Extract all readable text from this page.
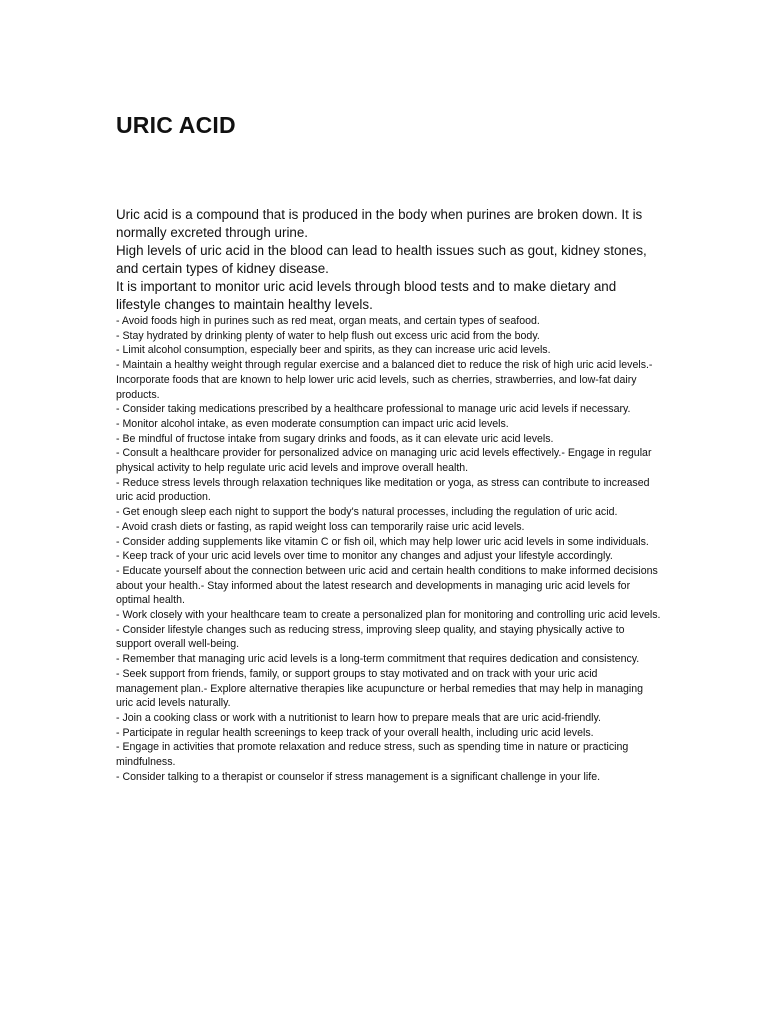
URIC ACID

Uric acid is a compound that is produced in the body when purines are broken down. It is normally excreted through urine.

High levels of uric acid in the blood can lead to health issues such as gout, kidney stones, and certain types of kidney disease.

It is important to monitor uric acid levels through blood tests and to make dietary and lifestyle changes to maintain healthy levels.

- Avoid foods high in purines such as red meat, organ meats, and certain types of seafood.

- Stay hydrated by drinking plenty of water to help flush out excess uric acid from the body.

- Limit alcohol consumption, especially beer and spirits, as they can increase uric acid levels.

- Maintain a healthy weight through regular exercise and a balanced diet to reduce the risk of high uric acid levels.- Incorporate foods that are known to help lower uric acid levels, such as cherries, strawberries, and low-fat dairy products.

- Consider taking medications prescribed by a healthcare professional to manage uric acid levels if necessary.

- Monitor alcohol intake, as even moderate consumption can impact uric acid levels.

- Be mindful of fructose intake from sugary drinks and foods, as it can elevate uric acid levels.

- Consult a healthcare provider for personalized advice on managing uric acid levels effectively.- Engage in regular physical activity to help regulate uric acid levels and improve overall health.

- Reduce stress levels through relaxation techniques like meditation or yoga, as stress can contribute to increased uric acid production.

- Get enough sleep each night to support the body's natural processes, including the regulation of uric acid.

- Avoid crash diets or fasting, as rapid weight loss can temporarily raise uric acid levels.

- Consider adding supplements like vitamin C or fish oil, which may help lower uric acid levels in some individuals.

- Keep track of your uric acid levels over time to monitor any changes and adjust your lifestyle accordingly.

- Educate yourself about the connection between uric acid and certain health conditions to make informed decisions about your health.- Stay informed about the latest research and developments in managing uric acid levels for optimal health.

- Work closely with your healthcare team to create a personalized plan for monitoring and controlling uric acid levels.

- Consider lifestyle changes such as reducing stress, improving sleep quality, and staying physically active to support overall well-being.

- Remember that managing uric acid levels is a long-term commitment that requires dedication and consistency.

- Seek support from friends, family, or support groups to stay motivated and on track with your uric acid management plan.- Explore alternative therapies like acupuncture or herbal remedies that may help in managing uric acid levels naturally.

- Join a cooking class or work with a nutritionist to learn how to prepare meals that are uric acid-friendly.

- Participate in regular health screenings to keep track of your overall health, including uric acid levels.

- Engage in activities that promote relaxation and reduce stress, such as spending time in nature or practicing mindfulness.

- Consider talking to a therapist or counselor if stress management is a significant challenge in your life.
